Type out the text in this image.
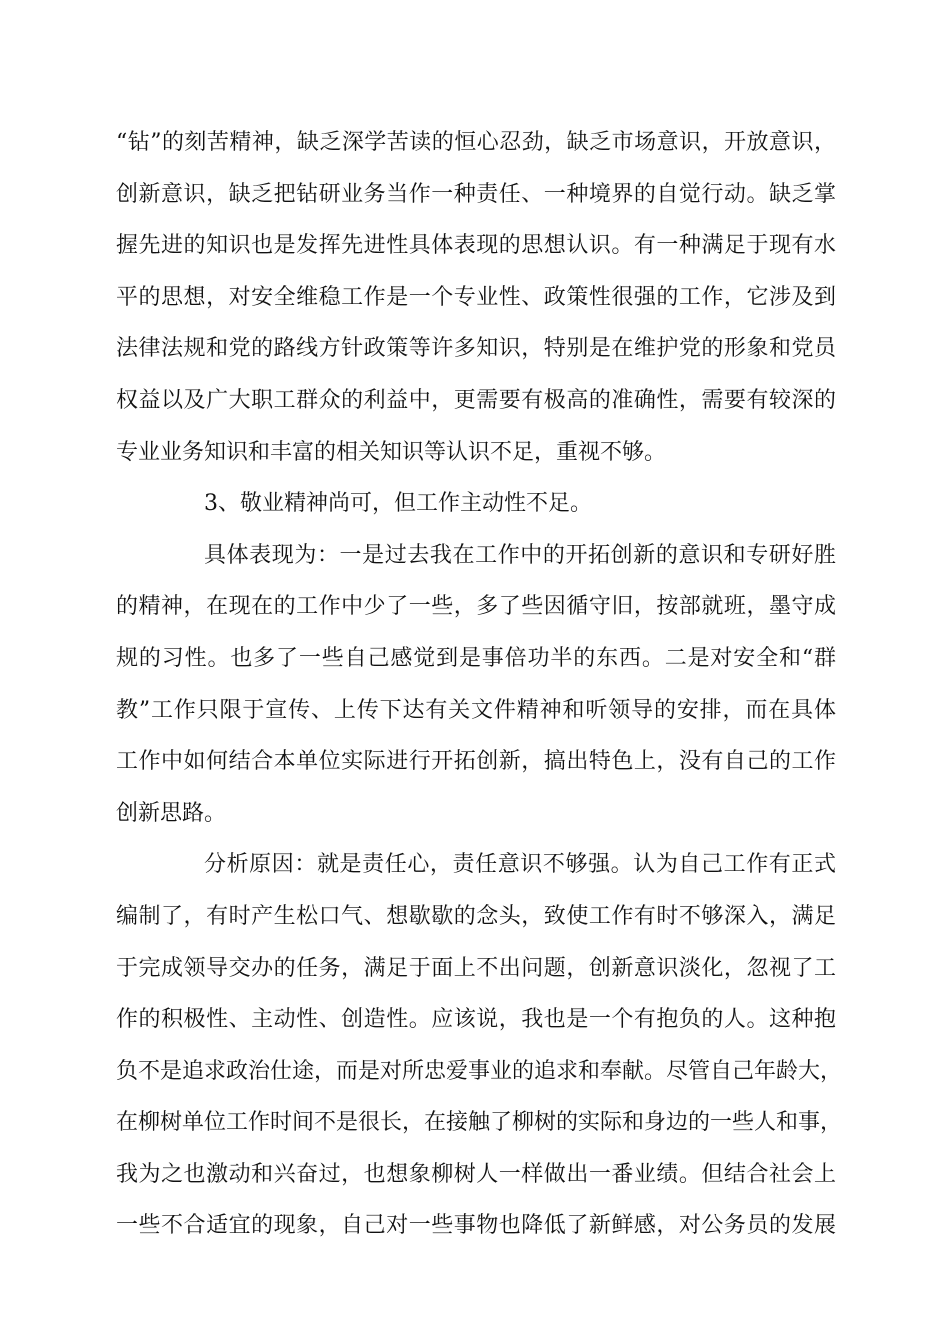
“钻”的刻苦精神，缺乏深学苦读的恒心忍劲，缺乏市场意识，开放意识，
创新意识，缺乏把钻研业务当作一种责任、一种境界的自觉行动。缺乏掌
握先进的知识也是发挥先进性具体表现的思想认识。有一种满足于现有水
平的思想，对安全维稳工作是一个专业性、政策性很强的工作，它涉及到
法律法规和党的路线方针政策等许多知识，特别是在维护党的形象和党员
权益以及广大职工群众的利益中，更需要有极高的准确性，需要有较深的
专业业务知识和丰富的相关知识等认识不足，重视不够。
3、敬业精神尚可，但工作主动性不足。
具体表现为：一是过去我在工作中的开拓创新的意识和专研好胜
的精神，在现在的工作中少了一些，多了些因循守旧，按部就班，墨守成
规的习性。也多了一些自己感觉到是事倍功半的东西。二是对安全和“群
教”工作只限于宣传、上传下达有关文件精神和听领导的安排，而在具体
工作中如何结合本单位实际进行开拓创新，搞出特色上，没有自己的工作
创新思路。
分析原因：就是责任心，责任意识不够强。认为自己工作有正式
编制了，有时产生松口气、想歇歇的念头，致使工作有时不够深入，满足
于完成领导交办的任务，满足于面上不出问题，创新意识淡化，忽视了工
作的积极性、主动性、创造性。应该说，我也是一个有抱负的人。这种抱
负不是追求政治仕途，而是对所忠爱事业的追求和奉献。尽管自己年龄大，
在柳树单位工作时间不是很长，在接触了柳树的实际和身边的一些人和事，
我为之也激动和兴奋过，也想象柳树人一样做出一番业绩。但结合社会上
一些不合适宜的现象，自己对一些事物也降低了新鲜感，对公务员的发展
